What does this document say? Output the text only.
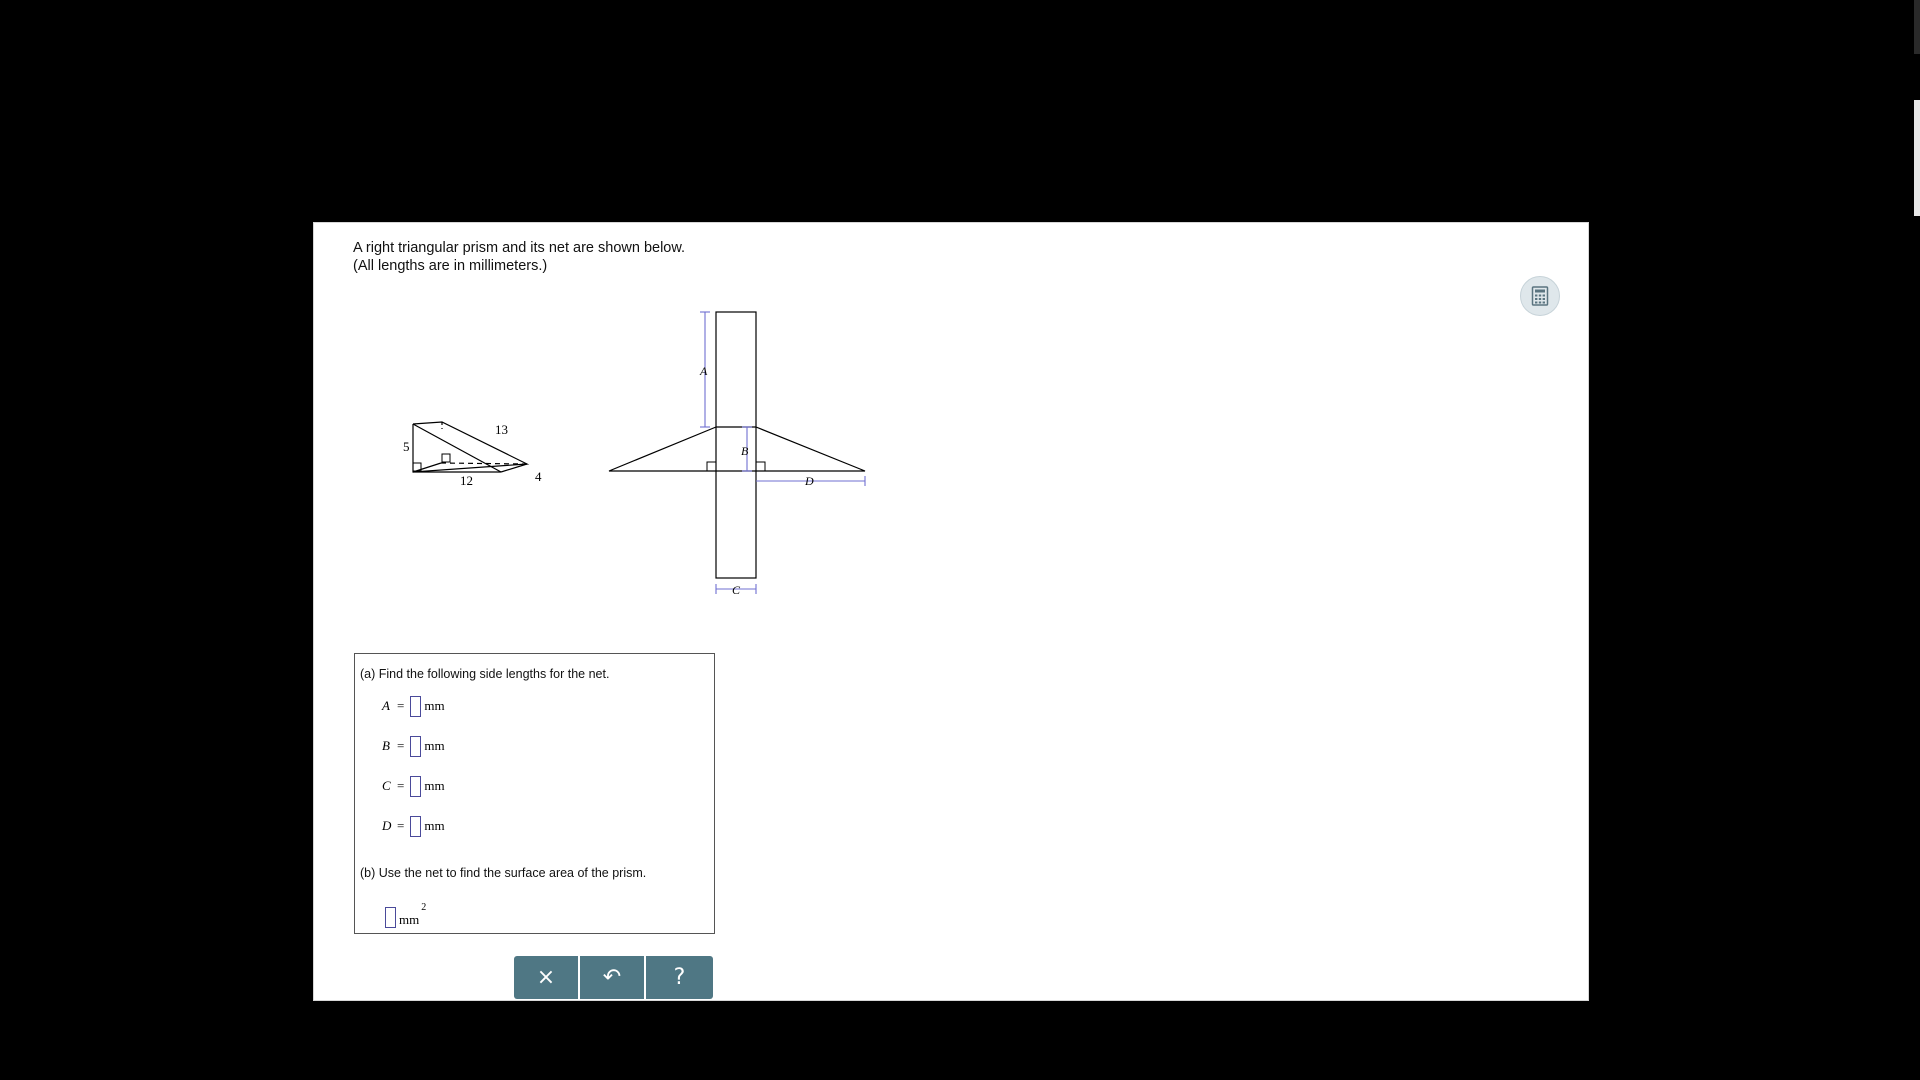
A right triangular prism and its net are shown below.
(All lengths are in millimeters.)
5
13
12	4
A
B
C
D
(a) Find the following side lengths for the net.
A = mm
B = mm
C = mm
D = mm
(b) Use the net to find the surface area of the prism.
mm
2
× ↶ ?
